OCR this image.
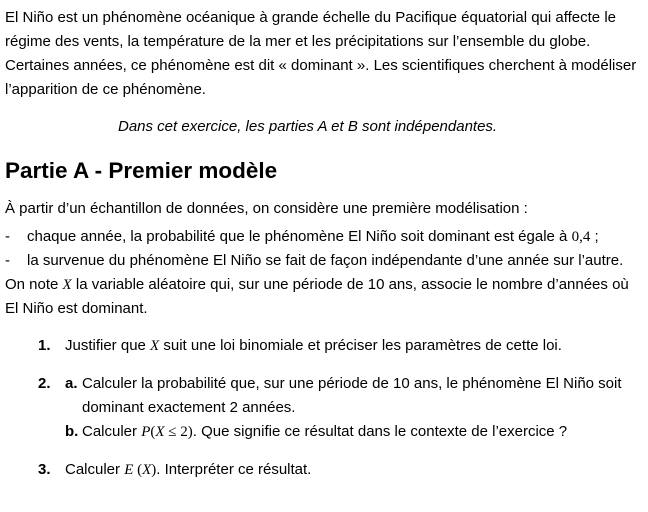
El Niño est un phénomène océanique à grande échelle du Pacifique équatorial qui affecte le régime des vents, la température de la mer et les précipitations sur l’ensemble du globe. Certaines années, ce phénomène est dit « dominant ». Les scientifiques cherchent à modéliser l’apparition de ce phénomène.

Dans cet exercice, les parties A et B sont indépendantes.

Partie A - Premier modèle

À partir d’un échantillon de données, on considère une première modélisation :

- chaque année, la probabilité que le phénomène El Niño soit dominant est égale à 0,4 ;
- la survenue du phénomène El Niño se fait de façon indépendante d’une année sur l’autre.

On note X la variable aléatoire qui, sur une période de 10 ans, associe le nombre d’années où El Niño est dominant.

1. Justifier que X suit une loi binomiale et préciser les paramètres de cette loi.
2. a. Calculer la probabilité que, sur une période de 10 ans, le phénomène El Niño soit dominant exactement 2 années.
b. Calculer P(X ≤ 2). Que signifie ce résultat dans le contexte de l’exercice ?
3. Calculer E (X). Interpréter ce résultat.
